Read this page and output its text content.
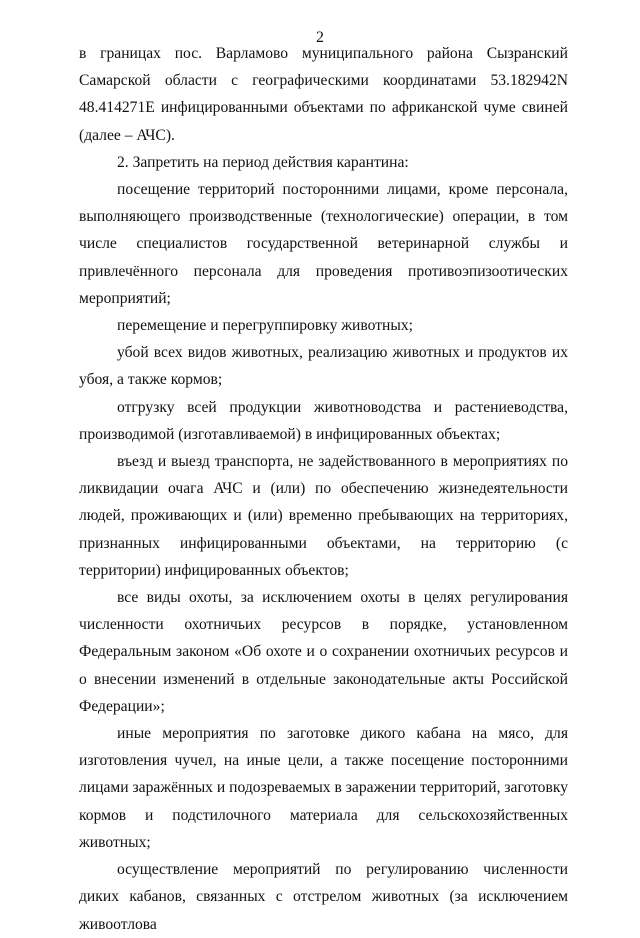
2

в границах пос. Варламово муниципального района Сызранский Самарской области с географическими координатами 53.182942N 48.414271E инфицированными объектами по африканской чуме свиней (далее – АЧС).

2. Запретить на период действия карантина:

посещение территорий посторонними лицами, кроме персонала, выполняющего производственные (технологические) операции, в том числе специалистов государственной ветеринарной службы и привлечённого персонала для проведения противоэпизоотических мероприятий;

перемещение и перегруппировку животных;

убой всех видов животных, реализацию животных и продуктов их убоя, а также кормов;

отгрузку всей продукции животноводства и растениеводства, производимой (изготавливаемой) в инфицированных объектах;

въезд и выезд транспорта, не задействованного в мероприятиях по ликвидации очага АЧС и (или) по обеспечению жизнедеятельности людей, проживающих и (или) временно пребывающих на территориях, признанных инфицированными объектами, на территорию (с территории) инфицированных объектов;

все виды охоты, за исключением охоты в целях регулирования численности охотничьих ресурсов в порядке, установленном Федеральным законом «Об охоте и о сохранении охотничьих ресурсов и о внесении изменений в отдельные законодательные акты Российской Федерации»;

иные мероприятия по заготовке дикого кабана на мясо, для изготовления чучел, на иные цели, а также посещение посторонними лицами заражённых и подозреваемых в заражении территорий, заготовку кормов и подстилочного материала для сельскохозяйственных животных;

осуществление мероприятий по регулированию численности диких кабанов, связанных с отстрелом животных (за исключением живоотлова
